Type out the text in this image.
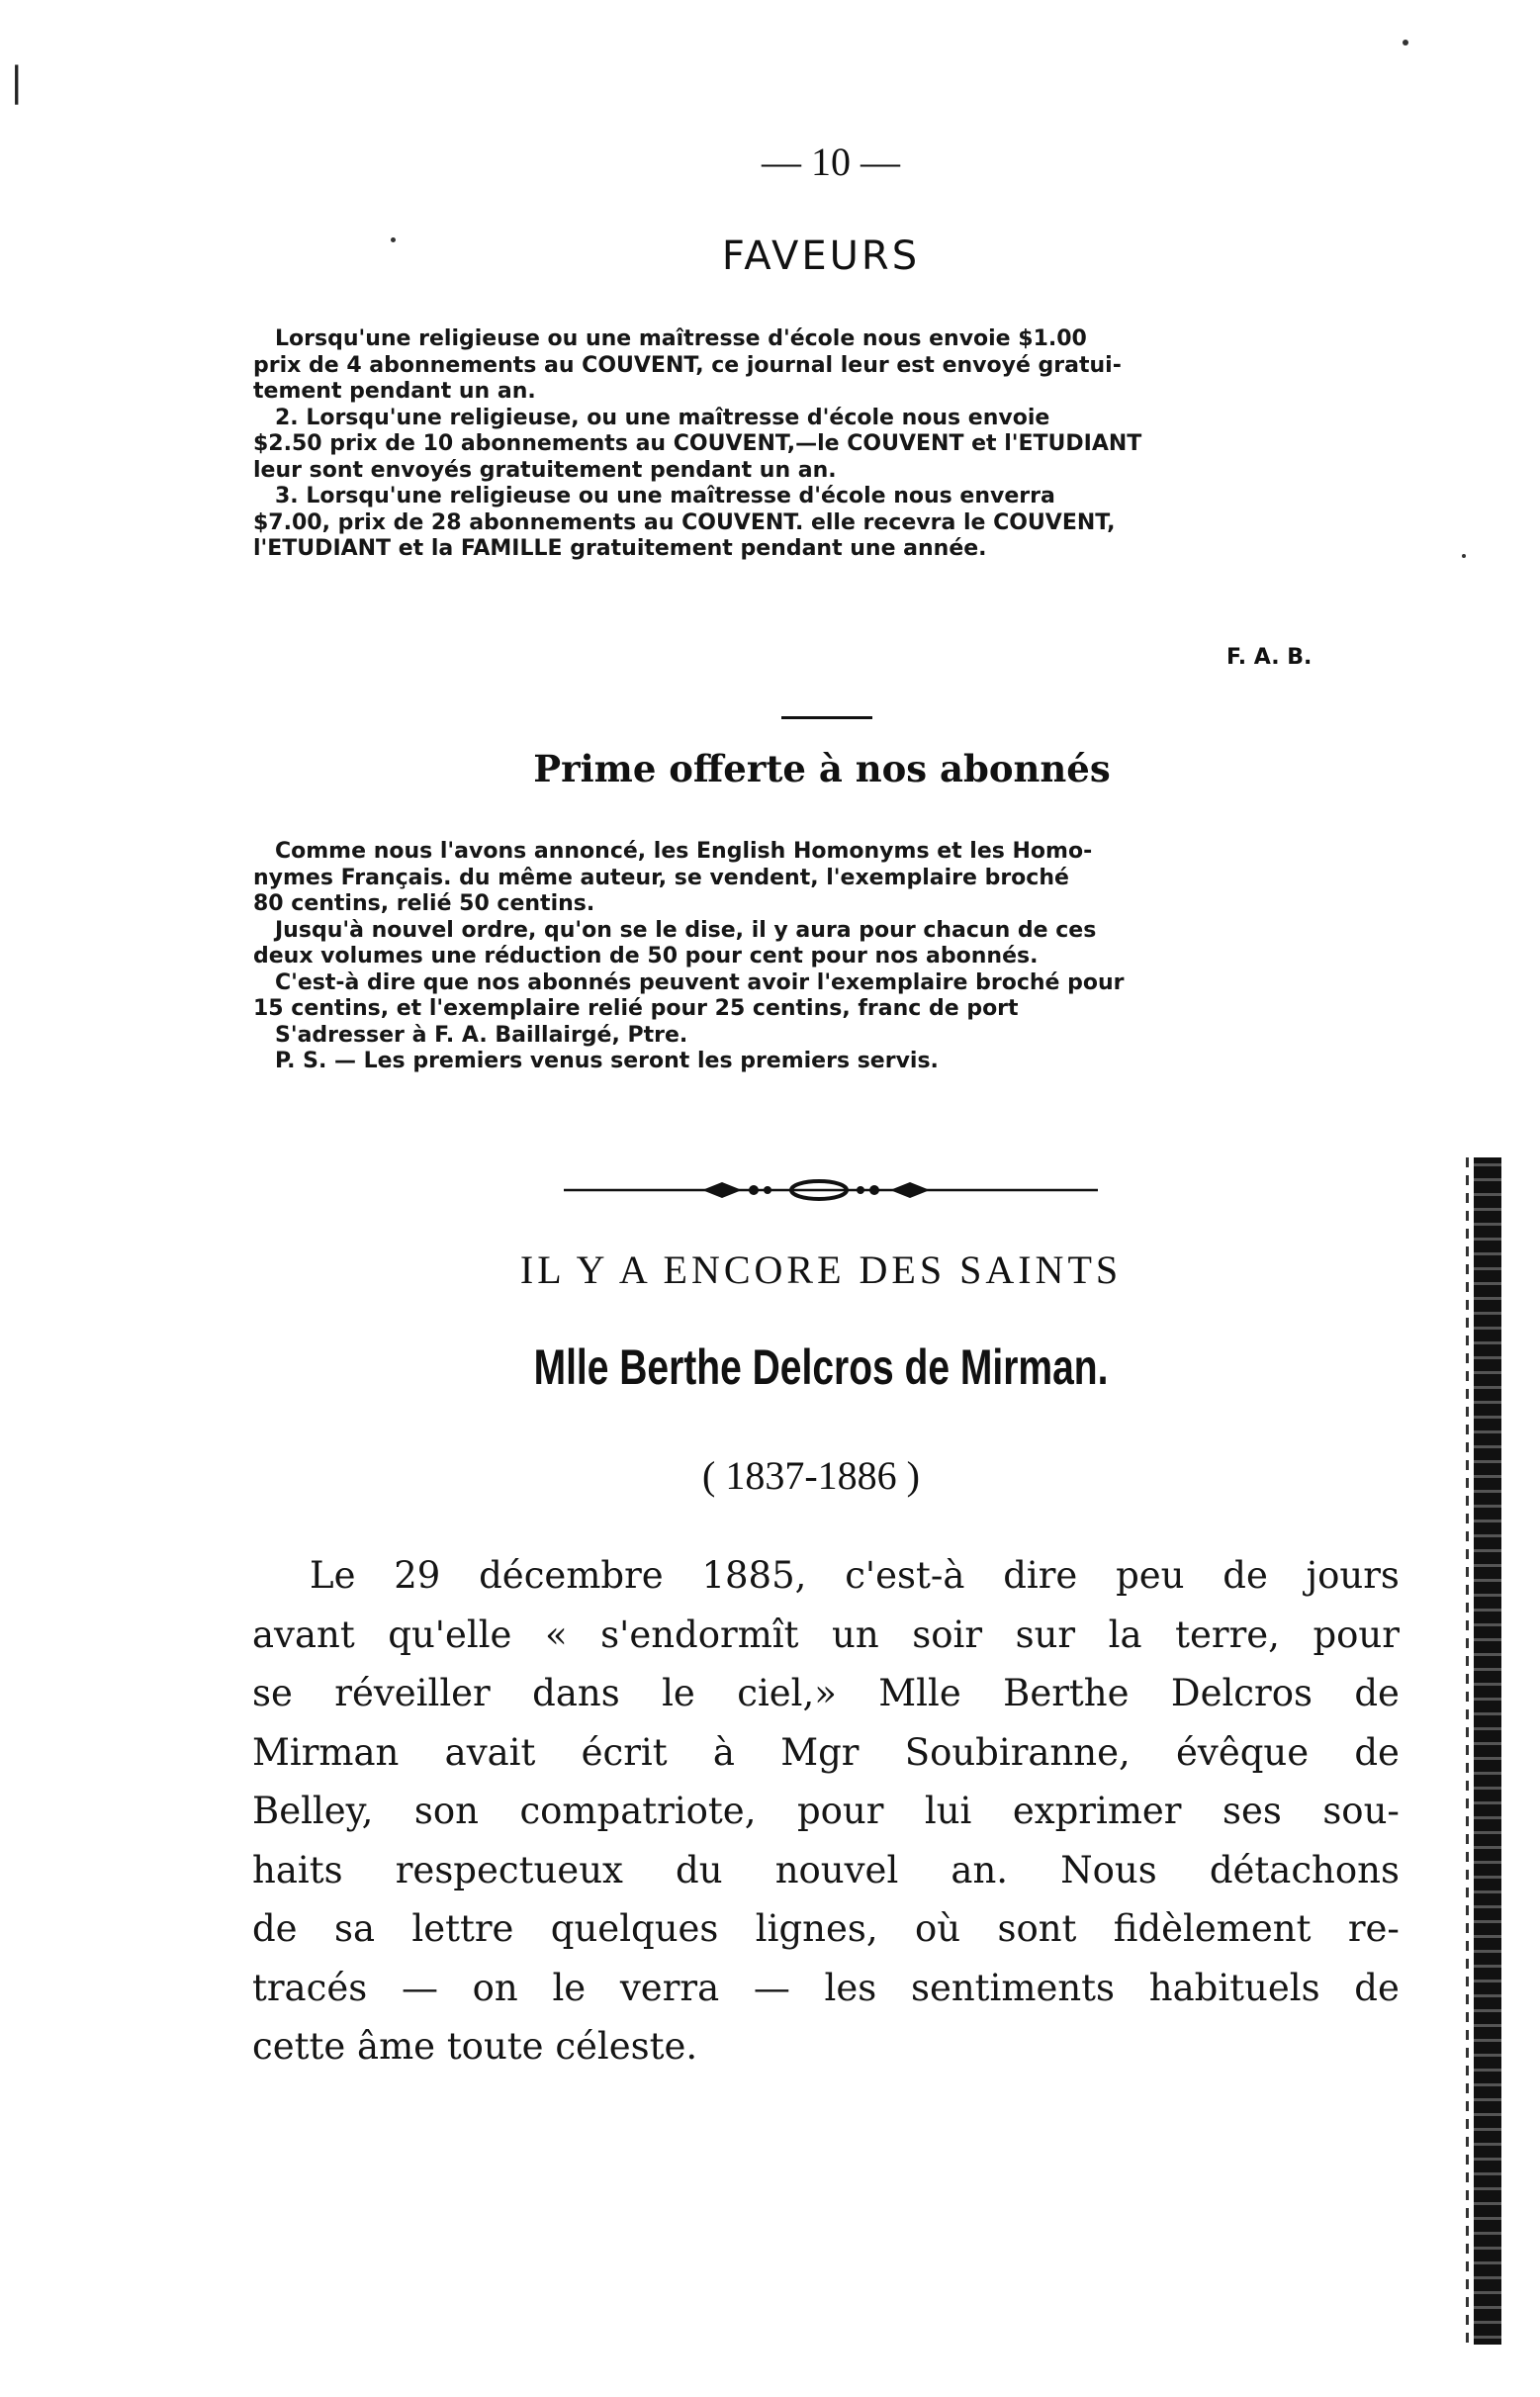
|
— 10 —
FAVEURS

Lorsqu'une religieuse ou une maîtresse d'école nous envoie $1.00

prix de 4 abonnements au COUVENT, ce journal leur est envoyé gratui-

tement pendant un an.

2. Lorsqu'une religieuse, ou une maîtresse d'école nous envoie

$2.50 prix de 10 abonnements au COUVENT,—le COUVENT et l'ETUDIANT

leur sont envoyés gratuitement pendant un an.

3. Lorsqu'une religieuse ou une maîtresse d'école nous enverra

$7.00, prix de 28 abonnements au COUVENT. elle recevra le COUVENT,

l'ETUDIANT et la FAMILLE gratuitement pendant une année.

F. A. B.
Prime offerte à nos abonnés

Comme nous l'avons annoncé, les English Homonyms et les Homo-

nymes Français. du même auteur, se vendent, l'exemplaire broché

80 centins, relié 50 centins.

Jusqu'à nouvel ordre, qu'on se le dise, il y aura pour chacun de ces

deux volumes une réduction de 50 pour cent pour nos abonnés.

C'est-à dire que nos abonnés peuvent avoir l'exemplaire broché pour

15 centins, et l'exemplaire relié pour 25 centins, franc de port

S'adresser à F. A. Baillairgé, Ptre.

P. S. — Les premiers venus seront les premiers servis.

IL Y A ENCORE DES SAINTS
Mlle Berthe Delcros de Mirman.
( 1837-1886 )
Le 29 décembre 1885, c'est-à dire peu de jours
avant qu'elle « s'endormît un soir sur la terre, pour
se réveiller dans le ciel,» Mlle Berthe Delcros de
Mirman avait écrit à Mgr Soubiranne, évêque de
Belley, son compatriote, pour lui exprimer ses sou-
haits respectueux du nouvel an. Nous détachons
de sa lettre quelques lignes, où sont fidèlement re-
tracés — on le verra — les sentiments habituels de
cette âme toute céleste.
